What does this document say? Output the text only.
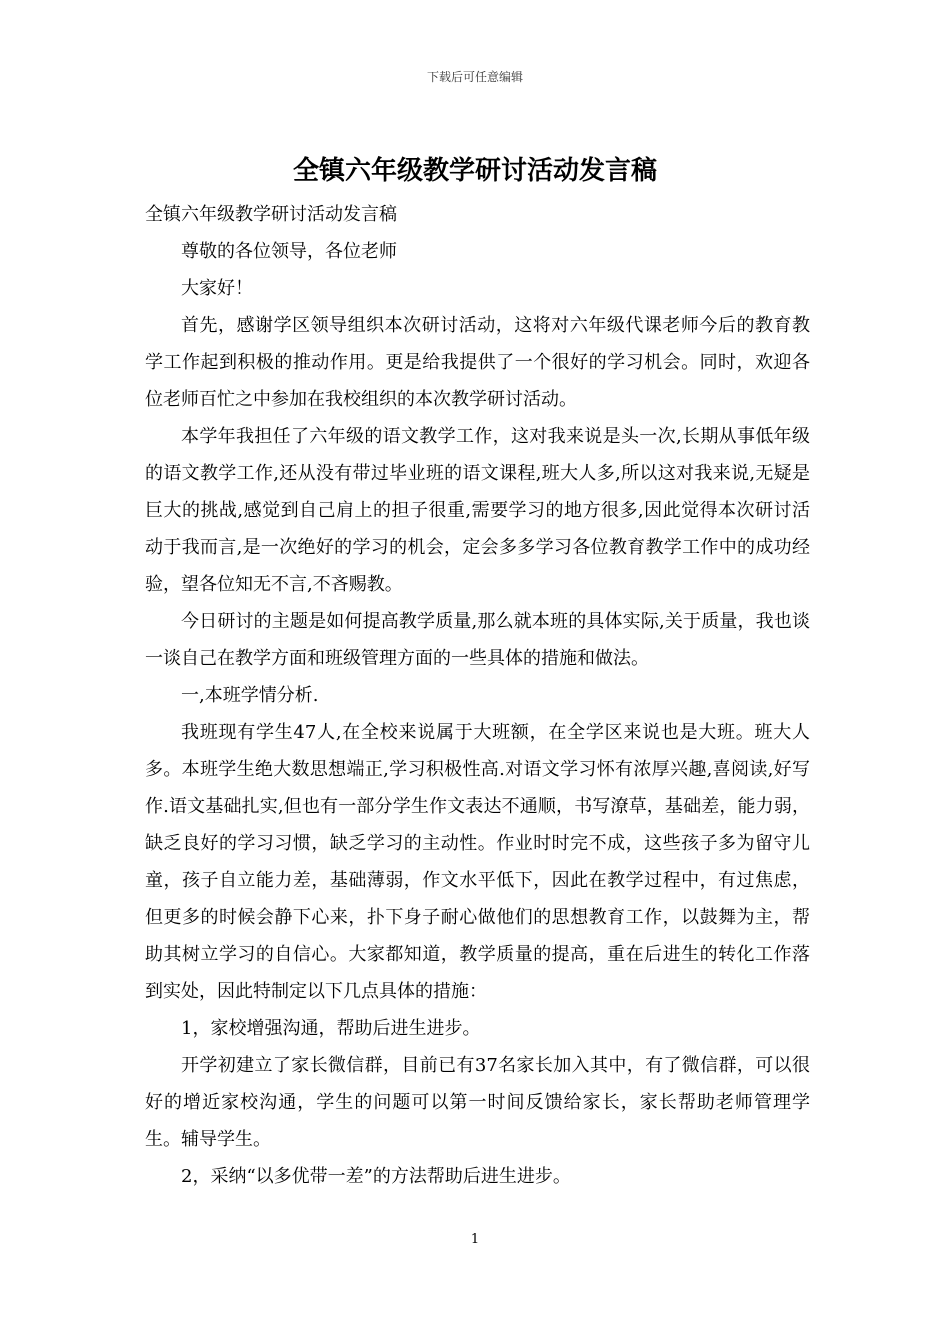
下载后可任意编辑
全镇六年级教学研讨活动发言稿

全镇六年级教学研讨活动发言稿

尊敬的各位领导，各位老师

大家好！

首先，感谢学区领导组织本次研讨活动，这将对六年级代课老师今后的教育教学工作起到积极的推动作用。更是给我提供了一个很好的学习机会。同时，欢迎各位老师百忙之中参加在我校组织的本次教学研讨活动。

本学年我担任了六年级的语文教学工作，这对我来说是头一次,长期从事低年级的语文教学工作,还从没有带过毕业班的语文课程,班大人多,所以这对我来说,无疑是巨大的挑战,感觉到自己肩上的担子很重,需要学习的地方很多,因此觉得本次研讨活动于我而言,是一次绝好的学习的机会，定会多多学习各位教育教学工作中的成功经验，望各位知无不言,不吝赐教。

今日研讨的主题是如何提高教学质量,那么就本班的具体实际,关于质量，我也谈一谈自己在教学方面和班级管理方面的一些具体的措施和做法。

一,本班学情分析.

我班现有学生47人,在全校来说属于大班额，在全学区来说也是大班。班大人多。本班学生绝大数思想端正,学习积极性高.对语文学习怀有浓厚兴趣,喜阅读,好写作.语文基础扎实,但也有一部分学生作文表达不通顺，书写潦草，基础差，能力弱，缺乏良好的学习习惯，缺乏学习的主动性。作业时时完不成，这些孩子多为留守儿童，孩子自立能力差，基础薄弱，作文水平低下，因此在教学过程中，有过焦虑，但更多的时候会静下心来，扑下身子耐心做他们的思想教育工作，以鼓舞为主，帮助其树立学习的自信心。大家都知道，教学质量的提高，重在后进生的转化工作落到实处，因此特制定以下几点具体的措施：

1，家校增强沟通，帮助后进生进步。

开学初建立了家长微信群，目前已有37名家长加入其中，有了微信群，可以很好的增近家校沟通，学生的问题可以第一时间反馈给家长，家长帮助老师管理学生。辅导学生。

2，采纳“以多优带一差”的方法帮助后进生进步。

1
